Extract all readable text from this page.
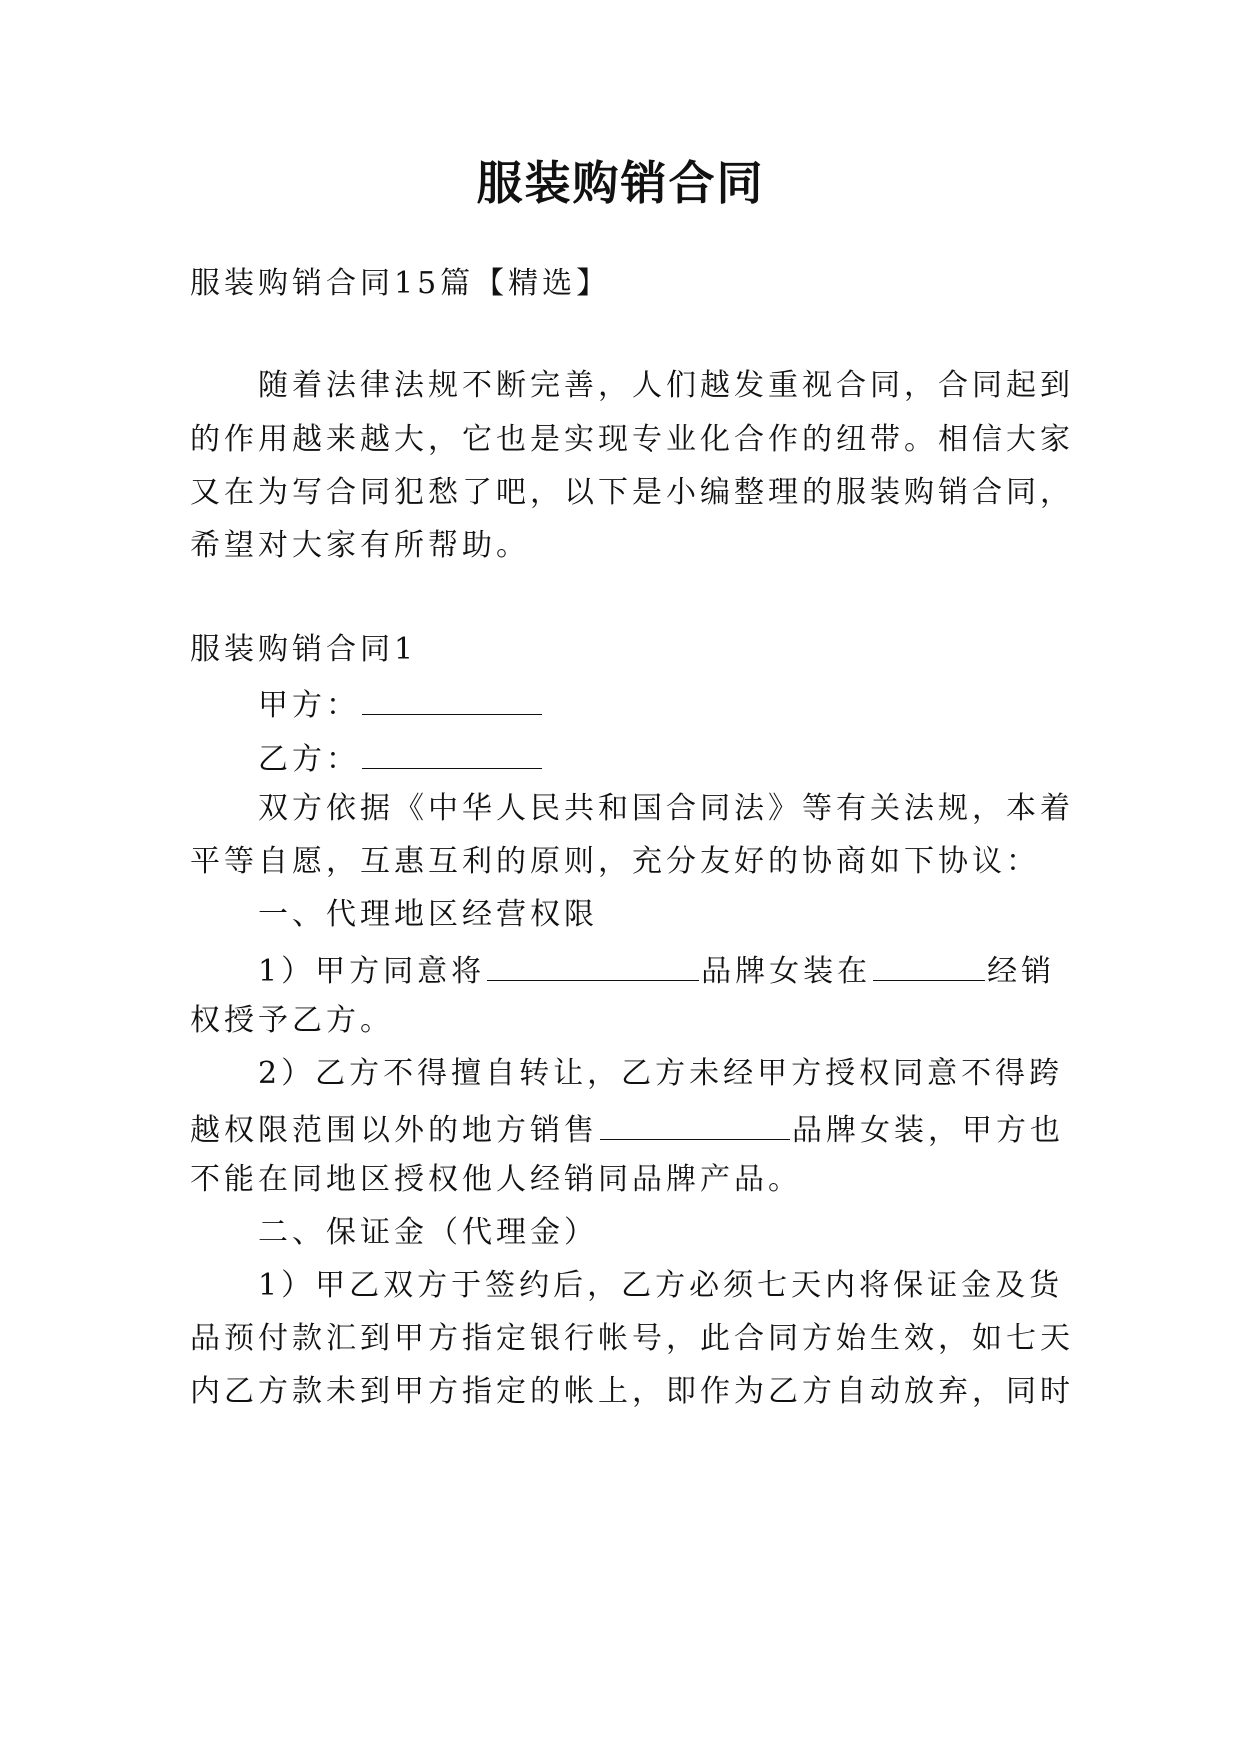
服装购销合同
服装购销合同15篇【精选】
随着法律法规不断完善，人们越发重视合同，合同起到
的作用越来越大，它也是实现专业化合作的纽带。相信大家
又在为写合同犯愁了吧，以下是小编整理的服装购销合同，
希望对大家有所帮助。
服装购销合同1
甲方：
乙方：
双方依据《中华人民共和国合同法》等有关法规，本着
平等自愿，互惠互利的原则，充分友好的协商如下协议：
一、代理地区经营权限
1）甲方同意将	品牌女装在	经销
权授予乙方。
2）乙方不得擅自转让，乙方未经甲方授权同意不得跨
越权限范围以外的地方销售	品牌女装，甲方也
不能在同地区授权他人经销同品牌产品。
二、保证金（代理金）
1）甲乙双方于签约后，乙方必须七天内将保证金及货
品预付款汇到甲方指定银行帐号，此合同方始生效，如七天
内乙方款未到甲方指定的帐上，即作为乙方自动放弃，同时
